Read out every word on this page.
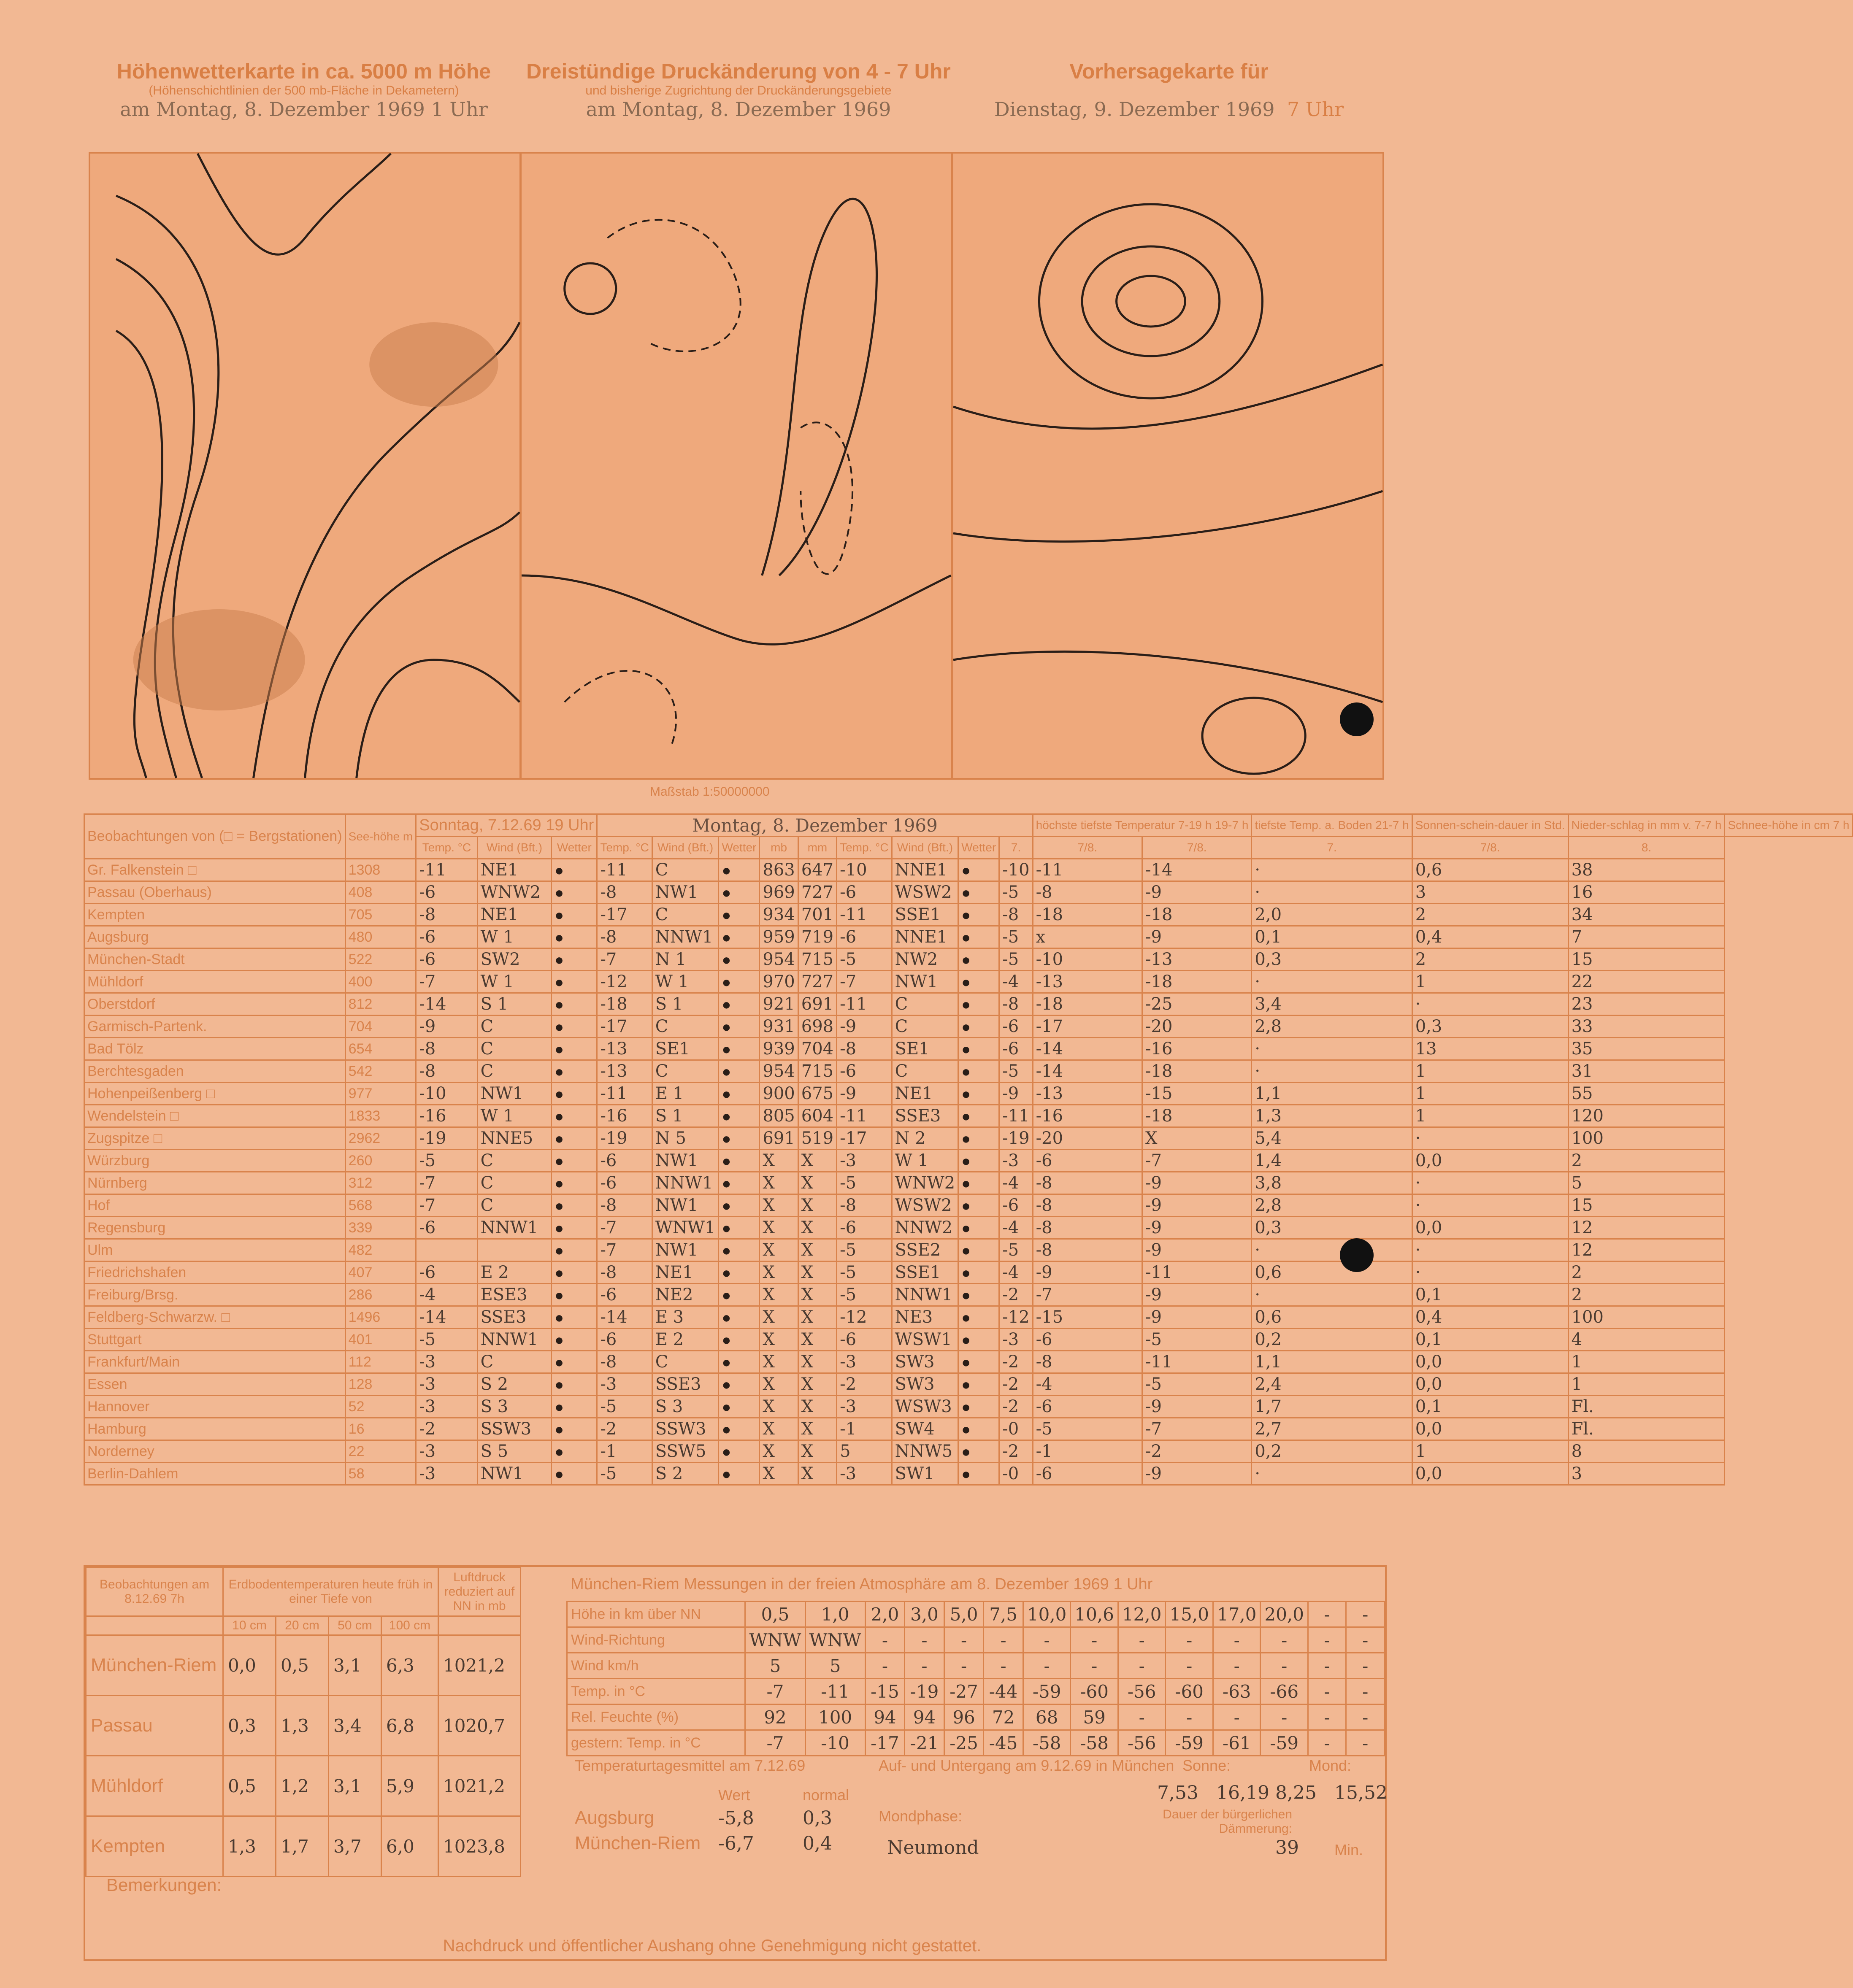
Höhenwetterkarte in ca. 5000 m Höhe
(Höhenschichtlinien der 500 mb-Fläche in Dekametern)
am Montag, 8. Dezember 1969 1 Uhr
Dreistündige Druckänderung von 4 - 7 Uhr
und bisherige Zugrichtung der Druckänderungsgebiete
am Montag, 8. Dezember 1969
Vorhersagekarte für

Dienstag, 9. Dezember 1969 7 Uhr
Maßstab 1:50000000
Beobachtungen von (□ = Bergstationen)	See-höhe m	Sonntag, 7.12.69 19 Uhr			Montag, 8. Dezember 1969									höchste tiefste Temperatur 7-19 h 19-7 h		tiefste Temp. a. Boden 21-7 h	Sonnen-schein-dauer in Std.	Nieder-schlag in mm v. 7-7 h	Schnee-höhe in cm 7 h
		Temp. °C	Wind (Bft.)	Wetter	Temp. °C	Wind (Bft.)	Wetter	mb	mm	Temp. °C	Wind (Bft.)	Wetter	7.	7/8.	7/8.	7.	7/8.	8.	
Gr. Falkenstein □	1308	-11	NE1	●	-11	C	●	863	647	-10	NNE1	●	-10	-11	-14	·	0,6	38	
Passau (Oberhaus)	408	-6	WNW2	●	-8	NW1	●	969	727	-6	WSW2	●	-5	-8	-9	·	3	16	
Kempten	705	-8	NE1	●	-17	C	●	934	701	-11	SSE1	●	-8	-18	-18	2,0	2	34	
Augsburg	480	-6	W 1	●	-8	NNW1	●	959	719	-6	NNE1	●	-5	x	-9	0,1	0,4	7	
München-Stadt	522	-6	SW2	●	-7	N 1	●	954	715	-5	NW2	●	-5	-10	-13	0,3	2	15	
Mühldorf	400	-7	W 1	●	-12	W 1	●	970	727	-7	NW1	●	-4	-13	-18	·	1	22	
Oberstdorf	812	-14	S 1	●	-18	S 1	●	921	691	-11	C	●	-8	-18	-25	3,4	·	23	
Garmisch-Partenk.	704	-9	C	●	-17	C	●	931	698	-9	C	●	-6	-17	-20	2,8	0,3	33	
Bad Tölz	654	-8	C	●	-13	SE1	●	939	704	-8	SE1	●	-6	-14	-16	·	13	35	
Berchtesgaden	542	-8	C	●	-13	C	●	954	715	-6	C	●	-5	-14	-18	·	1	31	
Hohenpeißenberg □	977	-10	NW1	●	-11	E 1	●	900	675	-9	NE1	●	-9	-13	-15	1,1	1	55	
Wendelstein □	1833	-16	W 1	●	-16	S 1	●	805	604	-11	SSE3	●	-11	-16	-18	1,3	1	120	
Zugspitze □	2962	-19	NNE5	●	-19	N 5	●	691	519	-17	N 2	●	-19	-20	X	5,4	·	100	
Würzburg	260	-5	C	●	-6	NW1	●	X	X	-3	W 1	●	-3	-6	-7	1,4	0,0	2	
Nürnberg	312	-7	C	●	-6	NNW1	●	X	X	-5	WNW2	●	-4	-8	-9	3,8	·	5	
Hof	568	-7	C	●	-8	NW1	●	X	X	-8	WSW2	●	-6	-8	-9	2,8	·	15	
Regensburg	339	-6	NNW1	●	-7	WNW1	●	X	X	-6	NNW2	●	-4	-8	-9	0,3	0,0	12	
Ulm	482			●	-7	NW1	●	X	X	-5	SSE2	●	-5	-8	-9	·	·	12	
Friedrichshafen	407	-6	E 2	●	-8	NE1	●	X	X	-5	SSE1	●	-4	-9	-11	0,6	·	2	
Freiburg/Brsg.	286	-4	ESE3	●	-6	NE2	●	X	X	-5	NNW1	●	-2	-7	-9	·	0,1	2	
Feldberg-Schwarzw. □	1496	-14	SSE3	●	-14	E 3	●	X	X	-12	NE3	●	-12	-15	-9	0,6	0,4	100	
Stuttgart	401	-5	NNW1	●	-6	E 2	●	X	X	-6	WSW1	●	-3	-6	-5	0,2	0,1	4	
Frankfurt/Main	112	-3	C	●	-8	C	●	X	X	-3	SW3	●	-2	-8	-11	1,1	0,0	1	
Essen	128	-3	S 2	●	-3	SSE3	●	X	X	-2	SW3	●	-2	-4	-5	2,4	0,0	1	
Hannover	52	-3	S 3	●	-5	S 3	●	X	X	-3	WSW3	●	-2	-6	-9	1,7	0,1	Fl.	
Hamburg	16	-2	SSW3	●	-2	SSW3	●	X	X	-1	SW4	●	-0	-5	-7	2,7	0,0	Fl.	
Norderney	22	-3	S 5	●	-1	SSW5	●	X	X	5	NNW5	●	-2	-1	-2	0,2	1	8	
Berlin-Dahlem	58	-3	NW1	●	-5	S 2	●	X	X	-3	SW1	●	-0	-6	-9	·	0,0	3	
Beobachtungen am 8.12.69 7h	Erdbodentemperaturen heute früh in einer Tiefe von				Luftdruck reduziert auf NN in mb
	10 cm	20 cm	50 cm	100 cm	
München-Riem	0,0	0,5	3,1	6,3	1021,2
Passau	0,3	1,3	3,4	6,8	1020,7
Mühldorf	0,5	1,2	3,1	5,9	1021,2
Kempten	1,3	1,7	3,7	6,0	1023,8
München-Riem Messungen in der freien Atmosphäre am 8. Dezember 1969 1 Uhr
Höhe in km über NN	0,5	1,0	2,0	3,0	5,0	7,5	10,0	10,6	12,0	15,0	17,0	20,0	-	-
Wind-Richtung	WNW	WNW	-	-	-	-	-	-	-	-	-	-	-	-
Wind km/h	5	5	-	-	-	-	-	-	-	-	-	-	-	-
Temp. in °C	-7	-11	-15	-19	-27	-44	-59	-60	-56	-60	-63	-66	-	-
Rel. Feuchte (%)	92	100	94	94	96	72	68	59	-	-	-	-	-	-
gestern: Temp. in °C	-7	-10	-17	-21	-25	-45	-58	-58	-56	-59	-61	-59	-	-
Temperaturtagesmittel am 7.12.69
Wert	normal
Augsburg	-5,8	0,3
München-Riem -6,7	0,4
Auf- und Untergang am 9.12.69 in München Sonne:	Mond:
7,53 16,19 8,25 15,52
Mondphase:
Neumond
Dauer der bürgerlichen Dämmerung:
39 Min.
Bemerkungen:
Nachdruck und öffentlicher Aushang ohne Genehmigung nicht gestattet.
